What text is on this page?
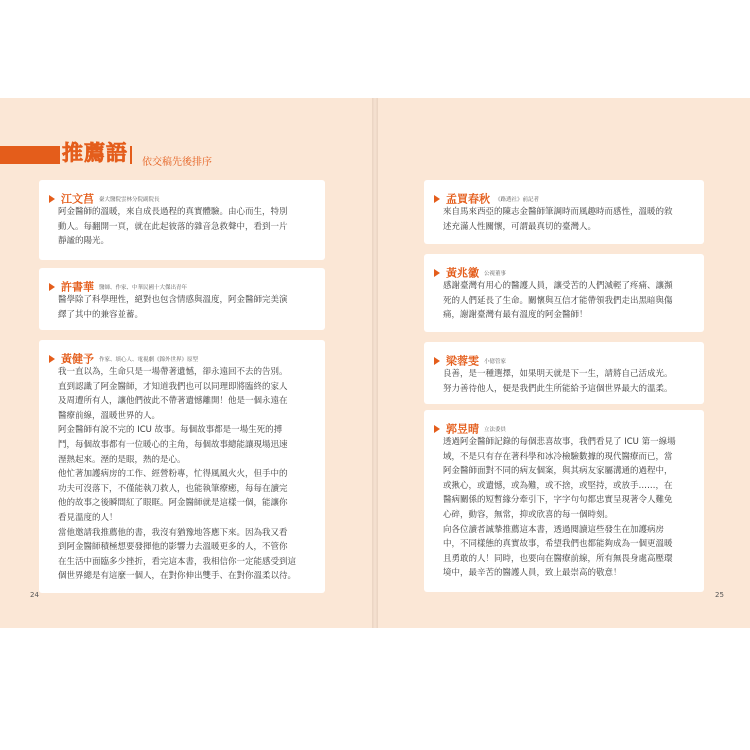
推薦語 依交稿先後排序
江文莒 臺大醫院雲林分院副院長
阿金醫師的溫暖，來自成長過程的真實體驗。由心而生，特別
動人。每翻開一頁，就在此起彼落的雜音急救聲中，看到一片
靜謐的陽光。
許書華 醫師、作家、中華民國十大傑出青年
醫學除了科學理性，絕對也包含情感與溫度，阿金醫師完美演
繹了其中的兼容並蓄。
黃健予 作家、填心人、電視劇《錦外世界》原型
我一直以為，生命只是一場帶著遺憾，卻永遠回不去的告別。
直到認識了阿金醫師，才知道我們也可以同理即將臨終的家人
及周遭所有人，讓他們彼此不帶著遺憾離開！他是一個永遠在
醫療前線，溫暖世界的人。
阿金醫師有說不完的 ICU 故事。每個故事都是一場生死的搏
鬥，每個故事都有一位暖心的主角，每個故事總能讓現場迅速
溼熱起來。溼的是眼，熱的是心。
他忙著加護病房的工作、經營粉專，忙得風風火火，但手中的
功夫可沒落下，不僅能執刀救人，也能執筆療癒，每每在讀完
他的故事之後瞬間紅了眼眶。阿金醫師就是這樣一個，能讓你
看見溫度的人！
當他邀請我推薦他的書，我沒有猶豫地答應下來。因為我又看
到阿金醫師積極想要發揮他的影響力去溫暖更多的人，不管你
在生活中面臨多少挫折，看完這本書，我相信你一定能感受到這
個世界總是有這麼一個人，在對你伸出雙手、在對你溫柔以待。
24
孟買春秋 《路透社》前記者
來自馬來西亞的陳志金醫師筆調時而風趣時而感性，溫暖的敘
述充滿人性關懷，可謂最真切的臺灣人。
黃兆徽 公視董事
感謝臺灣有用心的醫護人員，讓受苦的人們減輕了疼痛、讓瀕
死的人們延長了生命。關懷與互信才能帶領我們走出黑暗與傷
痛，謝謝臺灣有最有溫度的阿金醫師！
梁蓉雯 小億管家
良善，是一種選擇，如果明天就是下一生，請將自己活成光。
努力善待他人，便是我們此生所能給予這個世界最大的溫柔。
郭昱晴 立法委員
透過阿金醫師記錄的每個悲喜故事，我們看見了 ICU 第一線場
域，不是只有存在著科學和冰冷檢驗數據的現代醫療而已，當
阿金醫師面對不同的病友個案，與其病友家屬溝通的過程中，
或揪心，或遺憾，或為難，或不捨，或堅持，或放手……，在
醫病關係的短暫緣分牽引下，字字句句都忠實呈現著令人難免
心碎，動容，無常，抑或欣喜的每一個時刻。
向各位讀者誠摯推薦這本書，透過閱讀這些發生在加護病房
中，不同樣態的真實故事，希望我們也都能夠成為一個更溫暖
且勇敢的人！同時，也要向在醫療前線，所有無畏身處高壓環
境中，最辛苦的醫護人員，致上最崇高的敬意！
25
